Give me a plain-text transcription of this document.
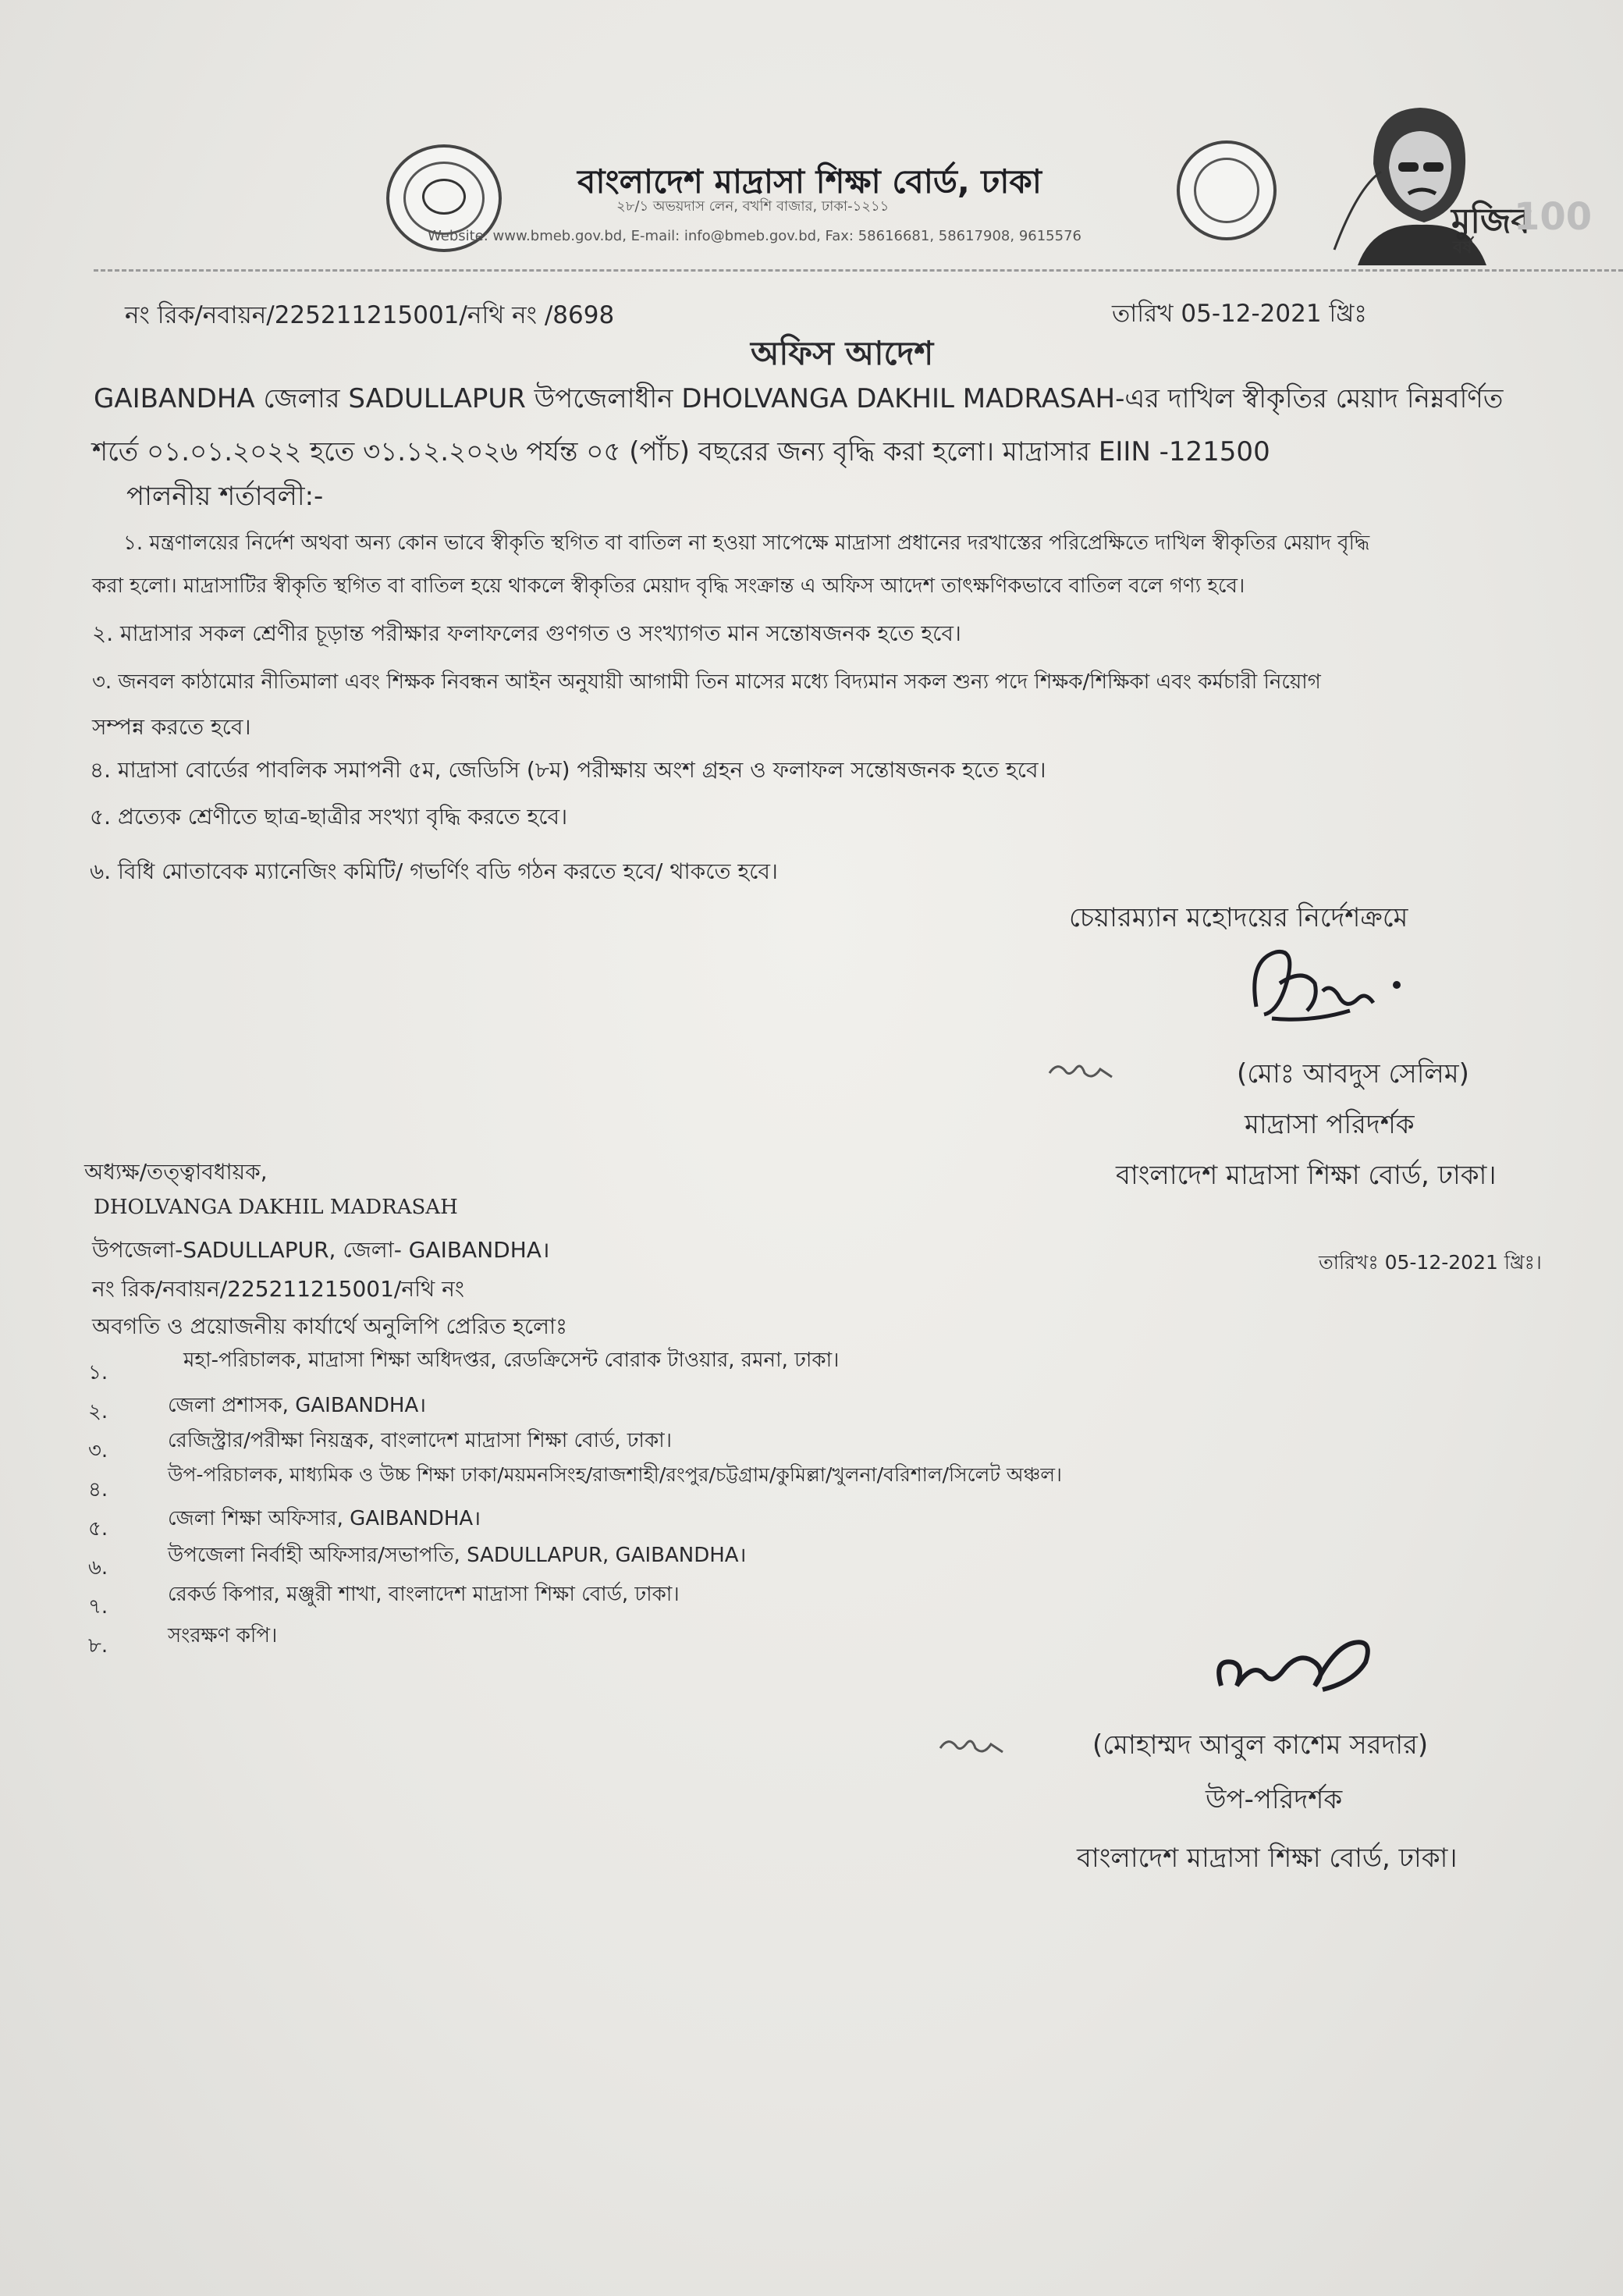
বাংলাদেশ মাদ্রাসা শিক্ষা বোর্ড, ঢাকা
২৮/১ অভয়দাস লেন, বখশি বাজার, ঢাকা-১২১১
Website: www.bmeb.gov.bd, E-mail: info@bmeb.gov.bd, Fax: 58616681, 58617908, 9615576	মুজিব
বর্ষ
100
নং রিক/নবায়ন/225211215001/নথি নং /8698	তারিখ 05-12-2021 খ্রিঃ
অফিস আদেশ
GAIBANDHA জেলার SADULLAPUR উপজেলাধীন DHOLVANGA DAKHIL MADRASAH-এর দাখিল স্বীকৃতির মেয়াদ নিম্নবর্ণিত
শর্তে ০১.০১.২০২২ হতে ৩১.১২.২০২৬ পর্যন্ত ০৫ (পাঁচ) বছরের জন্য বৃদ্ধি করা হলো। মাদ্রাসার EIIN -121500
পালনীয় শর্তাবলী:-
১. মন্ত্রণালয়ের নির্দেশ অথবা অন্য কোন ভাবে স্বীকৃতি স্থগিত বা বাতিল না হওয়া সাপেক্ষে মাদ্রাসা প্রধানের দরখাস্তের পরিপ্রেক্ষিতে দাখিল স্বীকৃতির মেয়াদ বৃদ্ধি
করা হলো। মাদ্রাসাটির স্বীকৃতি স্থগিত বা বাতিল হয়ে থাকলে স্বীকৃতির মেয়াদ বৃদ্ধি সংক্রান্ত এ অফিস আদেশ তাৎক্ষণিকভাবে বাতিল বলে গণ্য হবে।
২. মাদ্রাসার সকল শ্রেণীর চূড়ান্ত পরীক্ষার ফলাফলের গুণগত ও সংখ্যাগত মান সন্তোষজনক হতে হবে।
৩. জনবল কাঠামোর নীতিমালা এবং শিক্ষক নিবন্ধন আইন অনুযায়ী আগামী তিন মাসের মধ্যে বিদ্যমান সকল শুন্য পদে শিক্ষক/শিক্ষিকা এবং কর্মচারী নিয়োগ
সম্পন্ন করতে হবে।
৪. মাদ্রাসা বোর্ডের পাবলিক সমাপনী ৫ম, জেডিসি (৮ম) পরীক্ষায় অংশ গ্রহন ও ফলাফল সন্তোষজনক হতে হবে।
৫. প্রত্যেক শ্রেণীতে ছাত্র-ছাত্রীর সংখ্যা বৃদ্ধি করতে হবে।
৬. বিধি মোতাবেক ম্যানেজিং কমিটি/ গভর্ণিং বডি গঠন করতে হবে/ থাকতে হবে।
চেয়ারম্যান মহোদয়ের নির্দেশক্রমে
(মোঃ আবদুস সেলিম)
মাদ্রাসা পরিদর্শক
বাংলাদেশ মাদ্রাসা শিক্ষা বোর্ড, ঢাকা।
অধ্যক্ষ/তত্ত্বাবধায়ক,
DHOLVANGA DAKHIL MADRASAH
উপজেলা-SADULLAPUR, জেলা- GAIBANDHA।
নং রিক/নবায়ন/225211215001/নথি নং
তারিখঃ 05-12-2021 খ্রিঃ।
অবগতি ও প্রয়োজনীয় কার্যার্থে অনুলিপি প্রেরিত হলোঃ
১.
মহা-পরিচালক, মাদ্রাসা শিক্ষা অধিদপ্তর, রেডক্রিসেন্ট বোরাক টাওয়ার, রমনা, ঢাকা।
২.	জেলা প্রশাসক, GAIBANDHA।
৩.	রেজিস্ট্রার/পরীক্ষা নিয়ন্ত্রক, বাংলাদেশ মাদ্রাসা শিক্ষা বোর্ড, ঢাকা।
৪.
উপ-পরিচালক, মাধ্যমিক ও উচ্চ শিক্ষা ঢাকা/ময়মনসিংহ/রাজশাহী/রংপুর/চট্টগ্রাম/কুমিল্লা/খুলনা/বরিশাল/সিলেট অঞ্চল।
৫.	জেলা শিক্ষা অফিসার, GAIBANDHA।
৬.
উপজেলা নির্বাহী অফিসার/সভাপতি, SADULLAPUR, GAIBANDHA।
৭.
রেকর্ড কিপার, মঞ্জুরী শাখা, বাংলাদেশ মাদ্রাসা শিক্ষা বোর্ড, ঢাকা।
৮.	সংরক্ষণ কপি।
(মোহাম্মদ আবুল কাশেম সরদার)
উপ-পরিদর্শক
বাংলাদেশ মাদ্রাসা শিক্ষা বোর্ড, ঢাকা।
